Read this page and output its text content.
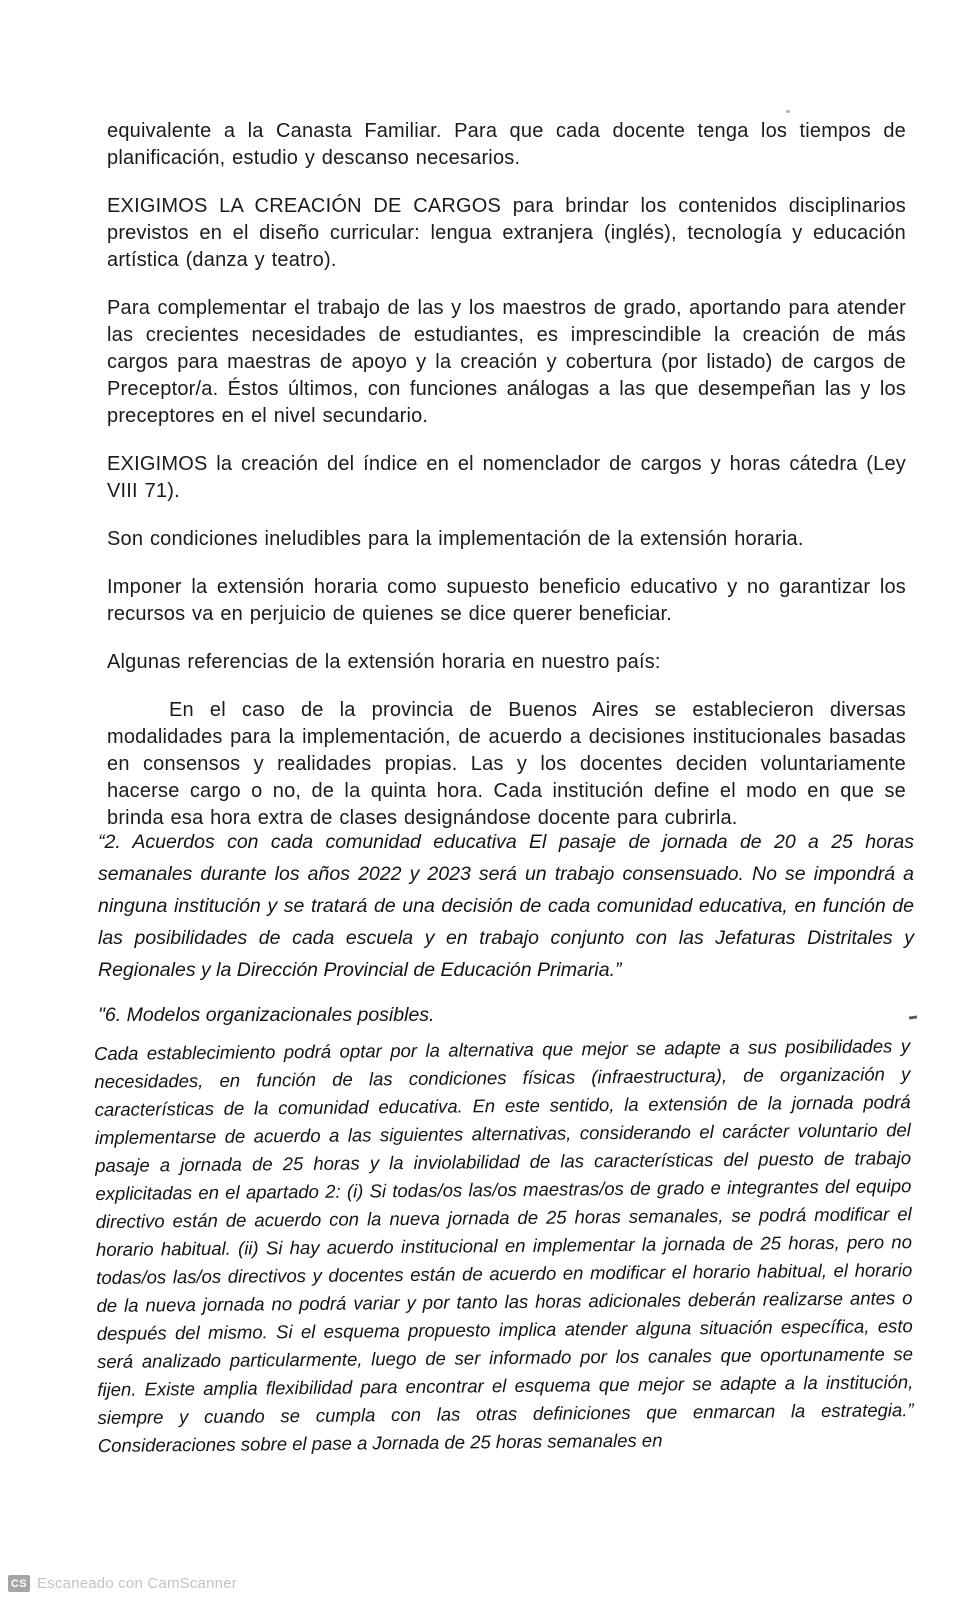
equivalente a la Canasta Familiar. Para que cada docente tenga los tiempos de planificación, estudio y descanso necesarios.

EXIGIMOS LA CREACIÓN DE CARGOS para brindar los contenidos disciplinarios previstos en el diseño curricular: lengua extranjera (inglés), tecnología y educación artística (danza y teatro).

Para complementar el trabajo de las y los maestros de grado, aportando para atender las crecientes necesidades de estudiantes, es imprescindible la creación de más cargos para maestras de apoyo y la creación y cobertura (por listado) de cargos de Preceptor/a. Éstos últimos, con funciones análogas a las que desempeñan las y los preceptores en el nivel secundario.

EXIGIMOS la creación del índice en el nomenclador de cargos y horas cátedra (Ley VIII 71).

Son condiciones ineludibles para la implementación de la extensión horaria.

Imponer la extensión horaria como supuesto beneficio educativo y no garantizar los recursos va en perjuicio de quienes se dice querer beneficiar.

Algunas referencias de la extensión horaria en nuestro país:

En el caso de la provincia de Buenos Aires se establecieron diversas modalidades para la implementación, de acuerdo a decisiones institucionales basadas en consensos y realidades propias. Las y los docentes deciden voluntariamente hacerse cargo o no, de la quinta hora. Cada institución define el modo en que se brinda esa hora extra de clases designándose docente para cubrirla.

“2. Acuerdos con cada comunidad educativa El pasaje de jornada de 20 a 25 horas semanales durante los años 2022 y 2023 será un trabajo consensuado. No se impondrá a ninguna institución y se tratará de una decisión de cada comunidad educativa, en función de las posibilidades de cada escuela y en trabajo conjunto con las Jefaturas Distritales y Regionales y la Dirección Provincial de Educación Primaria.”

"6. Modelos organizacionales posibles.

Cada establecimiento podrá optar por la alternativa que mejor se adapte a sus posibilidades y necesidades, en función de las condiciones físicas (infraestructura), de organización y características de la comunidad educativa. En este sentido, la extensión de la jornada podrá implementarse de acuerdo a las siguientes alternativas, considerando el carácter voluntario del pasaje a jornada de 25 horas y la inviolabilidad de las características del puesto de trabajo explicitadas en el apartado 2: (i) Si todas/os las/os maestras/os de grado e integrantes del equipo directivo están de acuerdo con la nueva jornada de 25 horas semanales, se podrá modificar el horario habitual. (ii) Si hay acuerdo institucional en implementar la jornada de 25 horas, pero no todas/os las/os directivos y docentes están de acuerdo en modificar el horario habitual, el horario de la nueva jornada no podrá variar y por tanto las horas adicionales deberán realizarse antes o después del mismo. Si el esquema propuesto implica atender alguna situación específica, esto será analizado particularmente, luego de ser informado por los canales que oportunamente se fijen. Existe amplia flexibilidad para encontrar el esquema que mejor se adapte a la institución, siempre y cuando se cumpla con las otras definiciones que enmarcan la estrategia.” Consideraciones sobre el pase a Jornada de 25 horas semanales en

CS Escaneado con CamScanner
